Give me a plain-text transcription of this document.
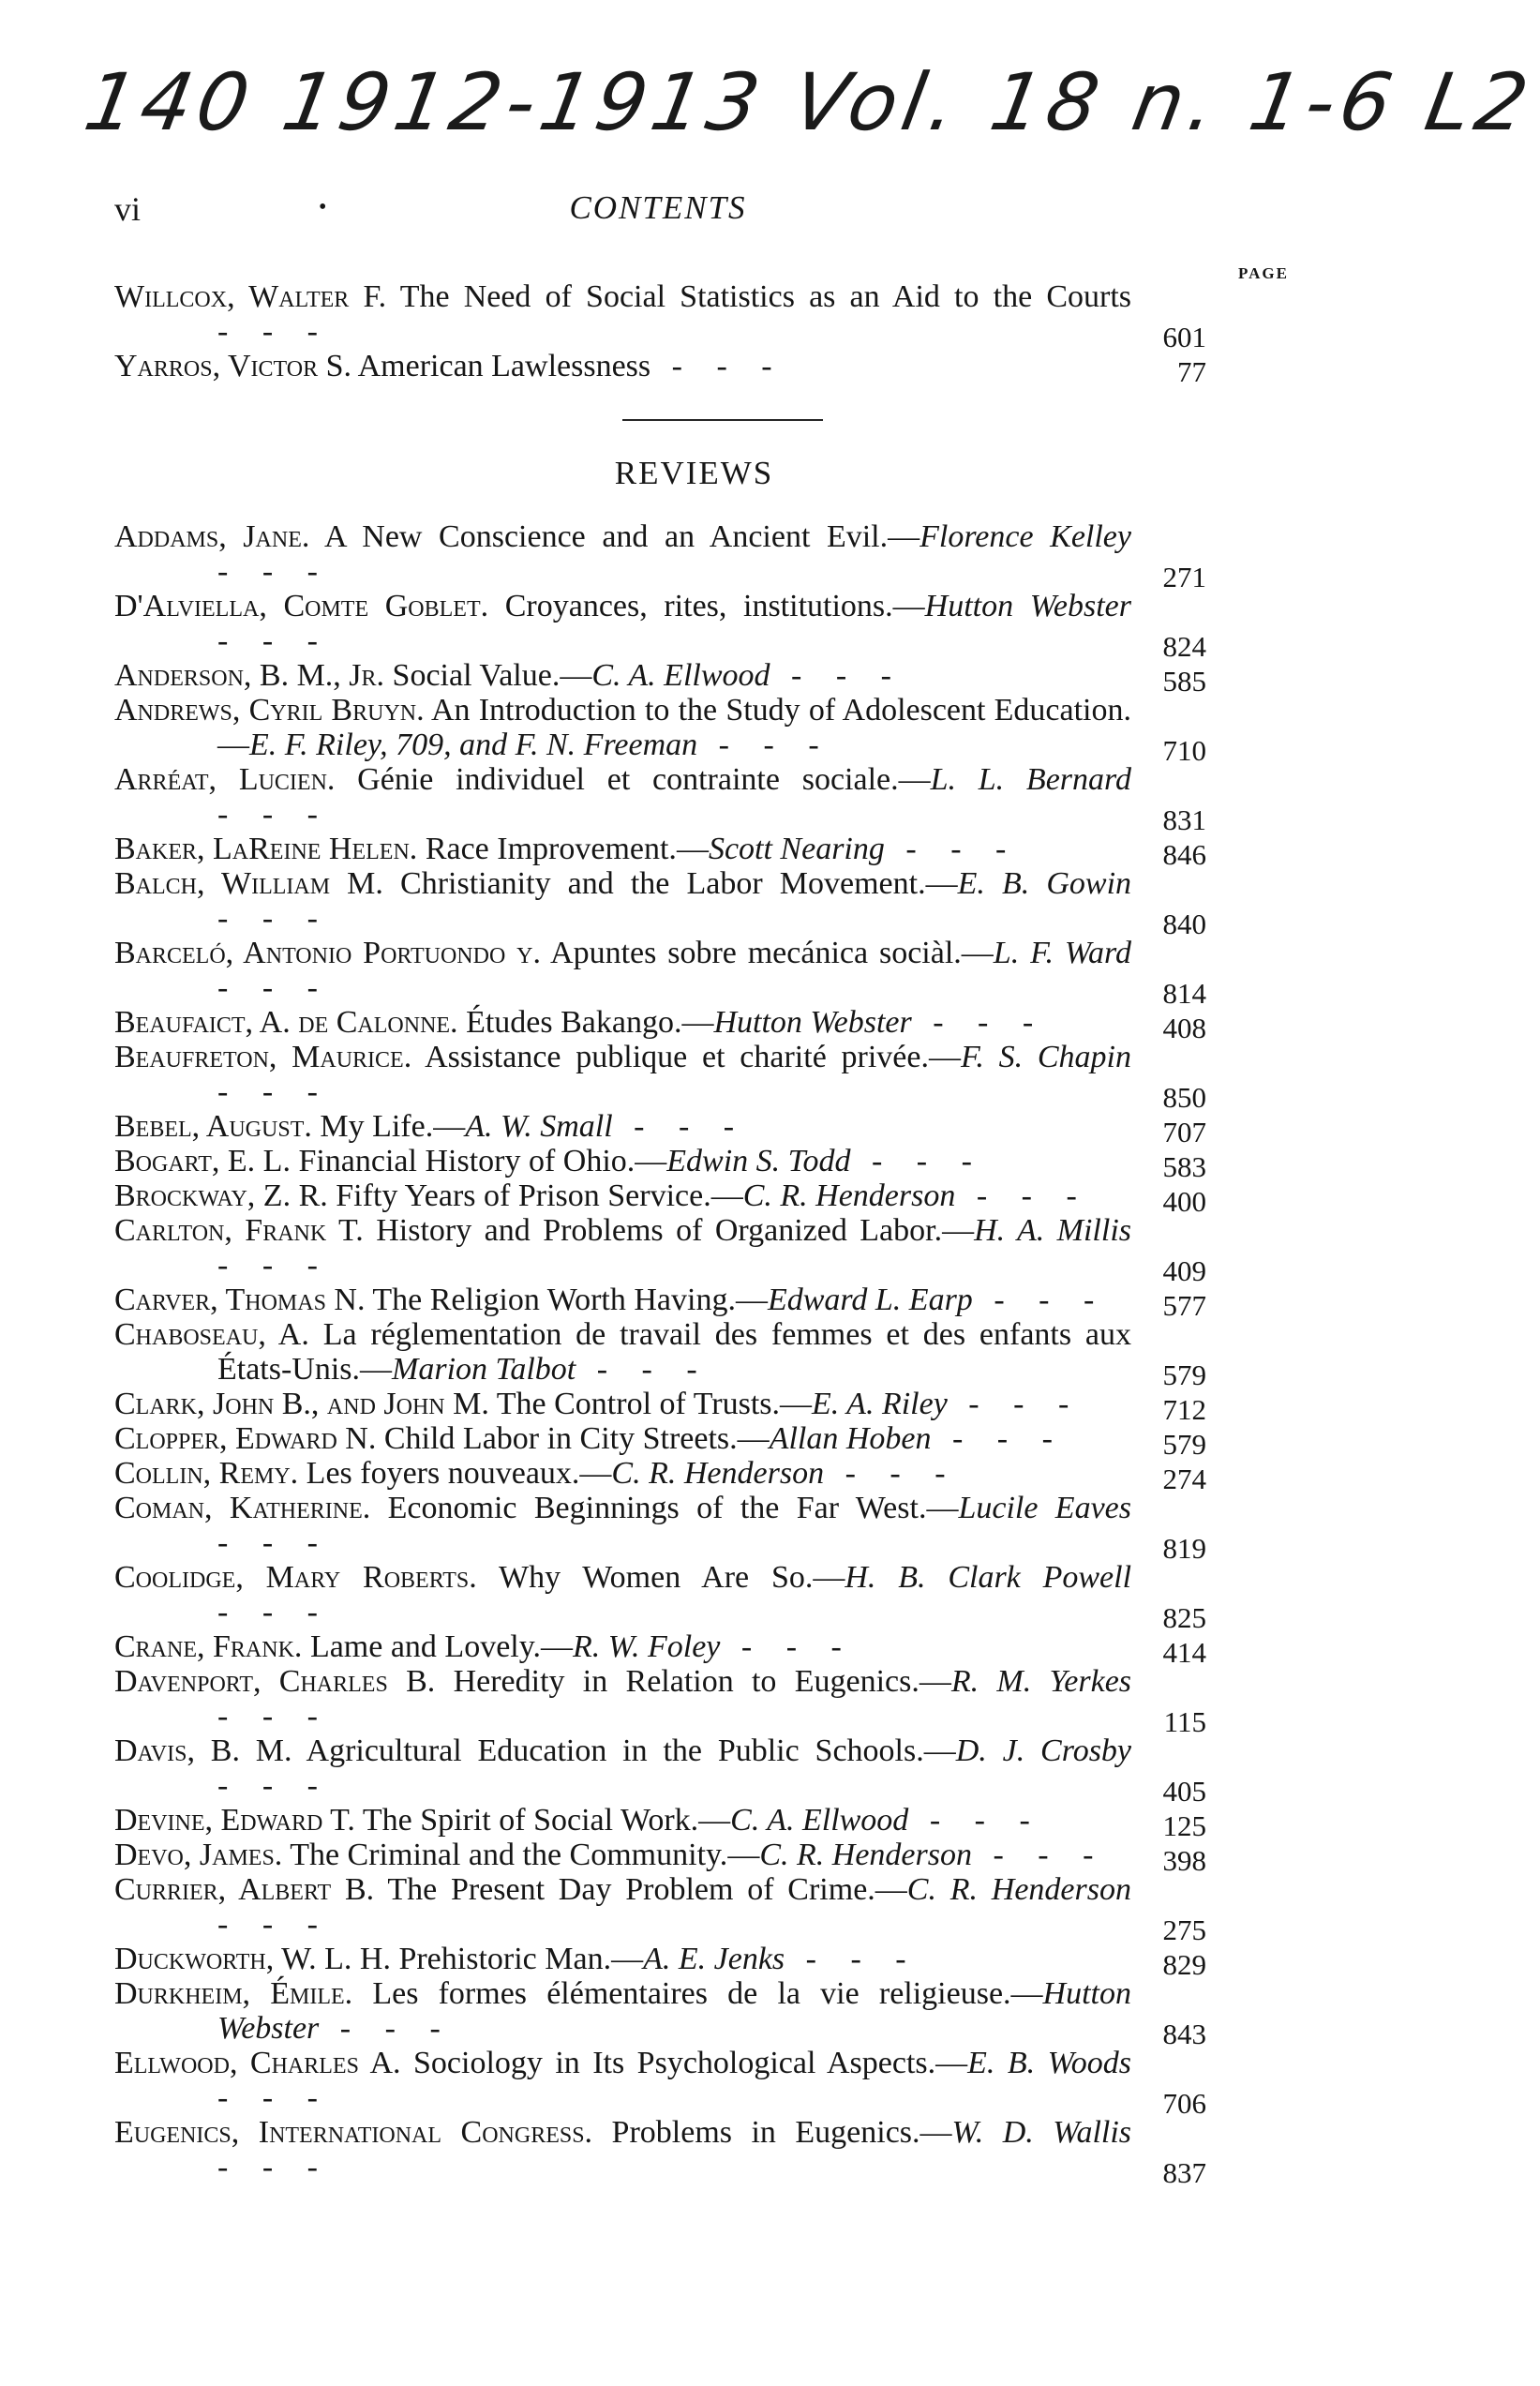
140 1912-1913 Vol. 18 n. 1-6 L2
vi	•	CONTENTS
PAGE
Willcox, Walter F. The Need of Social Statistics as an Aid to the Courts - - -	601
Yarros, Victor S. American Lawlessness - - -	77
REVIEWS
Addams, Jane. A New Conscience and an Ancient Evil.—Florence Kelley - - -	271
D'Alviella, Comte Goblet. Croyances, rites, institutions.—Hutton Webster - - -	824
Anderson, B. M., Jr. Social Value.—C. A. Ellwood - - -	585
Andrews, Cyril Bruyn. An Introduction to the Study of Adolescent Education.—E. F. Riley, 709, and F. N. Freeman - - -	710
Arréat, Lucien. Génie individuel et contrainte sociale.—L. L. Bernard - - -	831
Baker, LaReine Helen. Race Improvement.—Scott Nearing - - -	846
Balch, William M. Christianity and the Labor Movement.—E. B. Gowin - - -	840
Barceló, Antonio Portuondo y. Apuntes sobre mecánica sociàl.—L. F. Ward - - -	814
Beaufaict, A. de Calonne. Études Bakango.—Hutton Webster - - -	408
Beaufreton, Maurice. Assistance publique et charité privée.—F. S. Chapin - - -	850
Bebel, August. My Life.—A. W. Small - - -	707
Bogart, E. L. Financial History of Ohio.—Edwin S. Todd - - -	583
Brockway, Z. R. Fifty Years of Prison Service.—C. R. Henderson - - -	400
Carlton, Frank T. History and Problems of Organized Labor.—H. A. Millis - - -	409
Carver, Thomas N. The Religion Worth Having.—Edward L. Earp - - -	577
Chaboseau, A. La réglementation de travail des femmes et des enfants aux États-Unis.—Marion Talbot - - -	579
Clark, John B., and John M. The Control of Trusts.—E. A. Riley - - -	712
Clopper, Edward N. Child Labor in City Streets.—Allan Hoben - - -	579
Collin, Remy. Les foyers nouveaux.—C. R. Henderson - - -	274
Coman, Katherine. Economic Beginnings of the Far West.—Lucile Eaves - - -	819
Coolidge, Mary Roberts. Why Women Are So.—H. B. Clark Powell - - -	825
Crane, Frank. Lame and Lovely.—R. W. Foley - - -	414
Davenport, Charles B. Heredity in Relation to Eugenics.—R. M. Yerkes - - -	115
Davis, B. M. Agricultural Education in the Public Schools.—D. J. Crosby - - -	405
Devine, Edward T. The Spirit of Social Work.—C. A. Ellwood - - -	125
Devo, James. The Criminal and the Community.—C. R. Henderson - - -	398
Currier, Albert B. The Present Day Problem of Crime.—C. R. Henderson - - -	275
Duckworth, W. L. H. Prehistoric Man.—A. E. Jenks - - -	829
Durkheim, Émile. Les formes élémentaires de la vie religieuse.—Hutton Webster - - -	843
Ellwood, Charles A. Sociology in Its Psychological Aspects.—E. B. Woods - - -	706
Eugenics, International Congress. Problems in Eugenics.—W. D. Wallis - - -	837
